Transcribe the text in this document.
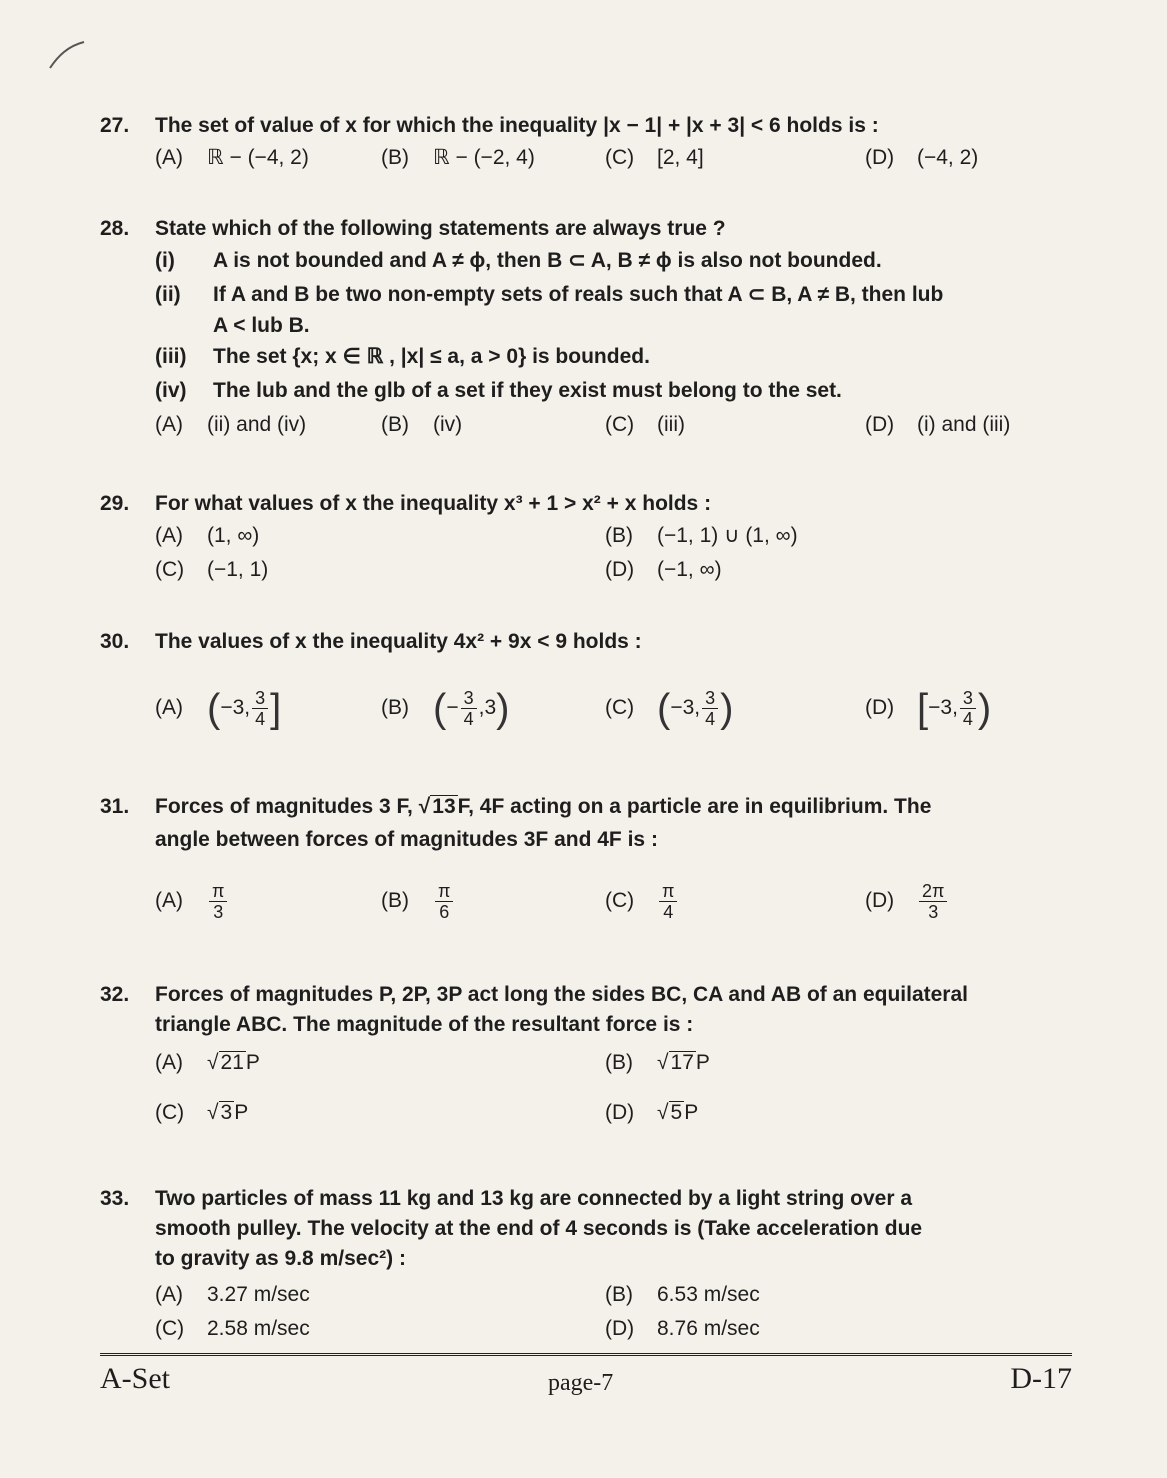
27.	The set of value of x for which the inequality |x − 1| + |x + 3| < 6 holds is :
(A) ℝ − (−4, 2)	(B) ℝ − (−2, 4)	(C) [2, 4]	(D) (−4, 2)
28.	State which of the following statements are always true ?
(i)	A is not bounded and A ≠ ϕ, then B ⊂ A, B ≠ ϕ is also not bounded.
(ii)	If A and B be two non-empty sets of reals such that A ⊂ B, A ≠ B, then lub
A < lub B.
(iii)	The set {x; x ∈ ℝ , |x| ≤ a, a > 0} is bounded.
(iv)	The lub and the glb of a set if they exist must belong to the set.
(A) (ii) and (iv)	(B) (iv)	(C) (iii)	(D) (i) and (iii)
29.	For what values of x the inequality x³ + 1 > x² + x holds :
(A) (1, ∞)	(B) (−1, 1) ∪ (1, ∞)
(C) (−1, 1)	(D) (−1, ∞)
30.	The values of x the inequality 4x² + 9x < 9 holds :
(A) (−3, $\frac{3}{4}$ ]	(B) (− $\frac{3}{4} ,3$)	(C) (−3, $\frac{3}{4}$ )	(D) [−3, $\frac{3}{4}$ )
31.	Forces of magnitudes 3 F, √13F, 4F acting on a particle are in equilibrium. The
angle between forces of magnitudes 3F and 4F is :
$(A) \frac{\pi}{3}$	$(B) \frac{\pi}{6}$	$(C) \frac{\pi}{4}$	$(D) \frac{2\pi}{3}$
32.	Forces of magnitudes P, 2P, 3P act long the sides BC, CA and AB of an equilateral
triangle ABC. The magnitude of the resultant force is :
(A) √21P	(B) √17P
(C) √3P	(D) √5P
33.	Two particles of mass 11 kg and 13 kg are connected by a light string over a
smooth pulley. The velocity at the end of 4 seconds is (Take acceleration due
to gravity as 9.8 m/sec²) :
(A) 3.27 m/sec	(B) 6.53 m/sec
(C) 2.58 m/sec	(D) 8.76 m/sec
A-Set	page-7	D-17
